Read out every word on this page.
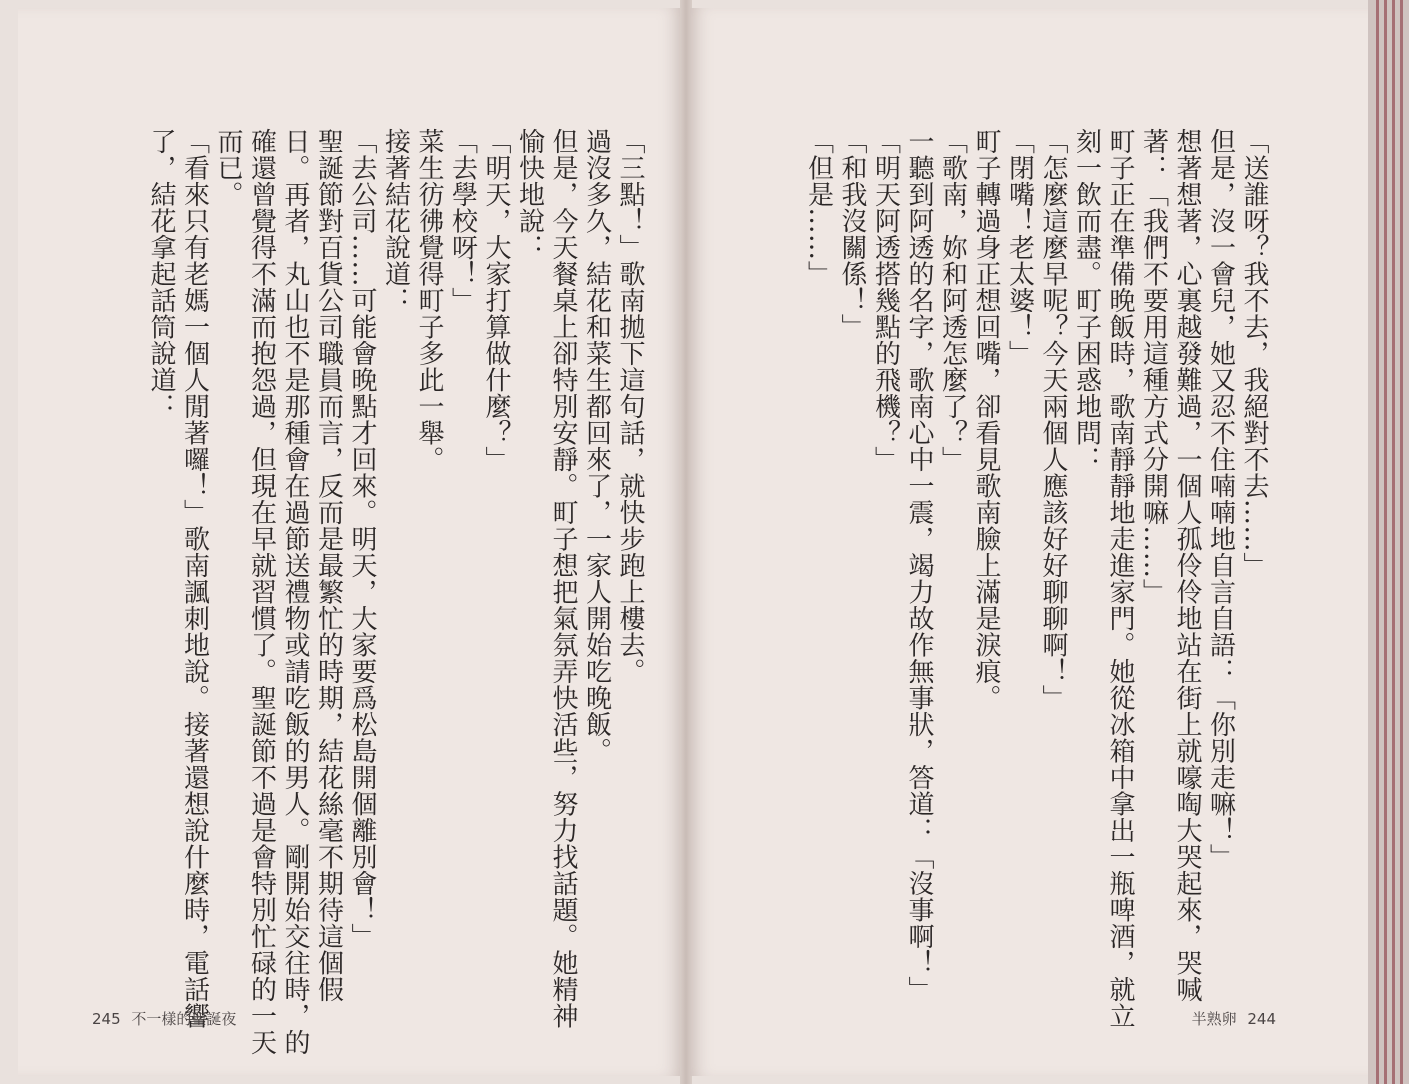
「三點！」歌南拋下這句話，就快步跑上樓去。
過沒多久，結花和菜生都回來了，一家人開始吃晚飯。
但是，今天餐桌上卻特別安靜。町子想把氣氛弄快活些，努力找話題。她精神
愉快地說：
「明天，大家打算做什麼？」
「去學校呀！」
菜生彷彿覺得町子多此一舉。
接著結花說道：
「去公司……可能會晚點才回來。明天，大家要爲松島開個離別會！」
聖誕節對百貨公司職員而言，反而是最繁忙的時期，結花絲毫不期待這個假
日。再者，丸山也不是那種會在過節送禮物或請吃飯的男人。剛開始交往時，的
確還曾覺得不滿而抱怨過，但現在早就習慣了。聖誕節不過是會特別忙碌的一天
而已。
「看來只有老媽一個人閒著囉！」歌南諷刺地說。接著還想說什麼時，電話響
了，結花拿起話筒說道：
245 不一樣的聖誕夜
「送誰呀？我不去，我絕對不去……」
但是，沒一會兒，她又忍不住喃喃地自言自語：「你別走嘛！」
想著想著，心裏越發難過，一個人孤伶伶地站在街上就嚎啕大哭起來，哭喊
著：「我們不要用這種方式分開嘛……」
町子正在準備晚飯時，歌南靜靜地走進家門。她從冰箱中拿出一瓶啤酒，就立
刻一飲而盡。町子困惑地問：
「怎麼這麼早呢？今天兩個人應該好好聊聊啊！」
「閉嘴！老太婆！」
町子轉過身正想回嘴，卻看見歌南臉上滿是淚痕。
「歌南，妳和阿透怎麼了？」
一聽到阿透的名字，歌南心中一震，竭力故作無事狀，答道：「沒事啊！」
「明天阿透搭幾點的飛機？」
「和我沒關係！」
「但是……」
半熟卵 244
